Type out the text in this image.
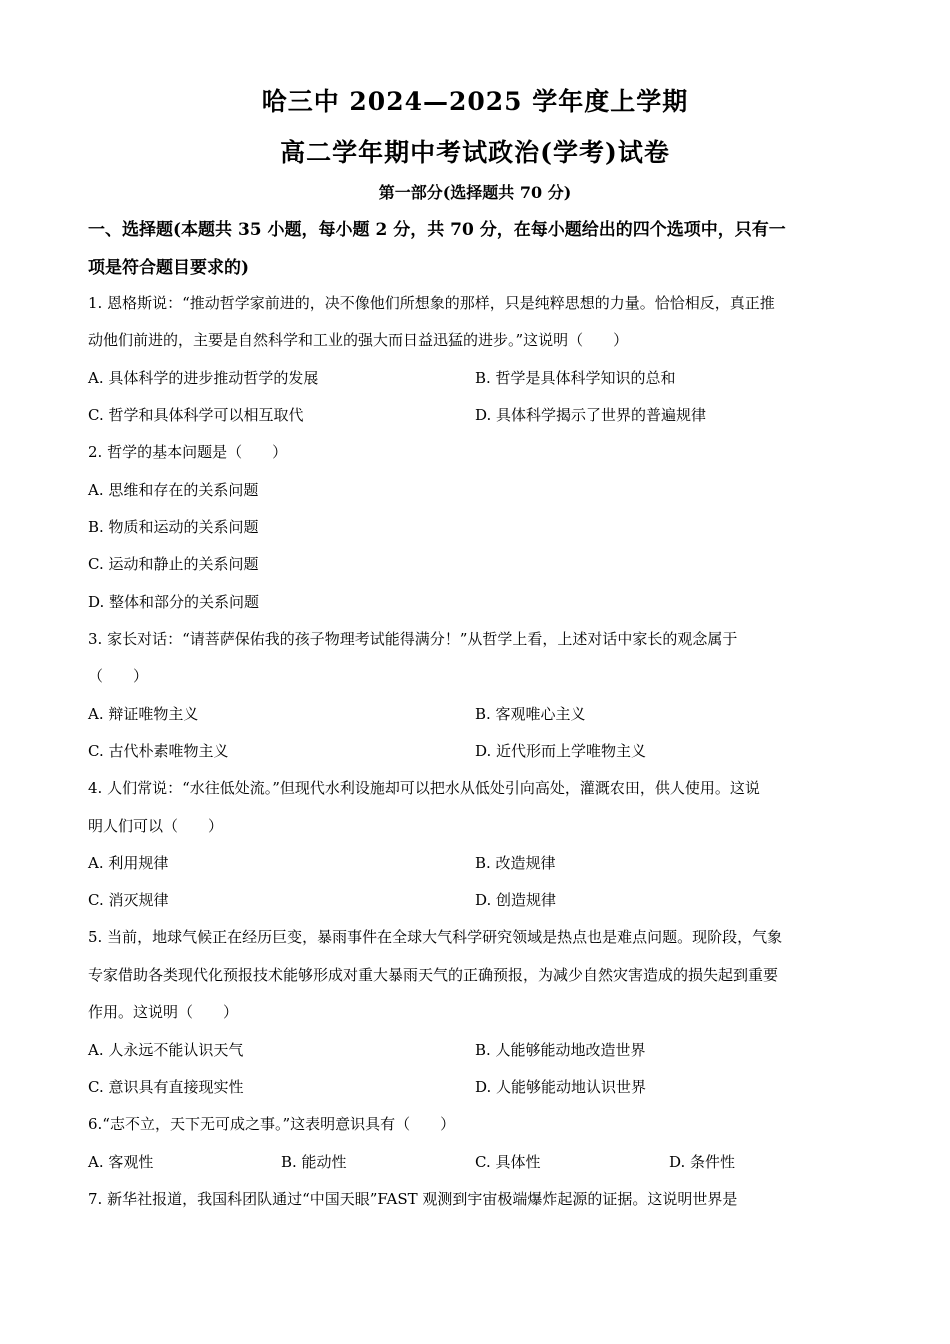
哈三中 2024—2025 学年度上学期
高二学年期中考试政治(学考)试卷
第一部分(选择题共 70 分)
一、选择题(本题共 35 小题，每小题 2 分，共 70 分，在每小题给出的四个选项中，只有一
项是符合题目要求的)
1. 恩格斯说：“推动哲学家前进的，决不像他们所想象的那样，只是纯粹思想的力量。恰恰相反，真正推
动他们前进的，主要是自然科学和工业的强大而日益迅猛的进步。”这说明（　　）
A. 具体科学的进步推动哲学的发展	B. 哲学是具体科学知识的总和
C. 哲学和具体科学可以相互取代	D. 具体科学揭示了世界的普遍规律
2. 哲学的基本问题是（　　）
A. 思维和存在的关系问题
B. 物质和运动的关系问题
C. 运动和静止的关系问题
D. 整体和部分的关系问题
3. 家长对话：“请菩萨保佑我的孩子物理考试能得满分！”从哲学上看，上述对话中家长的观念属于
（　　）
A. 辩证唯物主义	B. 客观唯心主义
C. 古代朴素唯物主义	D. 近代形而上学唯物主义
4. 人们常说：“水往低处流。”但现代水利设施却可以把水从低处引向高处，灌溉农田，供人使用。这说
明人们可以（　　）
A. 利用规律	B. 改造规律
C. 消灭规律	D. 创造规律
5. 当前，地球气候正在经历巨变，暴雨事件在全球大气科学研究领域是热点也是难点问题。现阶段，气象
专家借助各类现代化预报技术能够形成对重大暴雨天气的正确预报，为减少自然灾害造成的损失起到重要
作用。这说明（　　）
A. 人永远不能认识天气	B. 人能够能动地改造世界
C. 意识具有直接现实性	D. 人能够能动地认识世界
6.“志不立，天下无可成之事。”这表明意识具有（　　）
A. 客观性	B. 能动性	C. 具体性	D. 条件性
7. 新华社报道，我国科团队通过“中国天眼”FAST 观测到宇宙极端爆炸起源的证据。这说明世界是
